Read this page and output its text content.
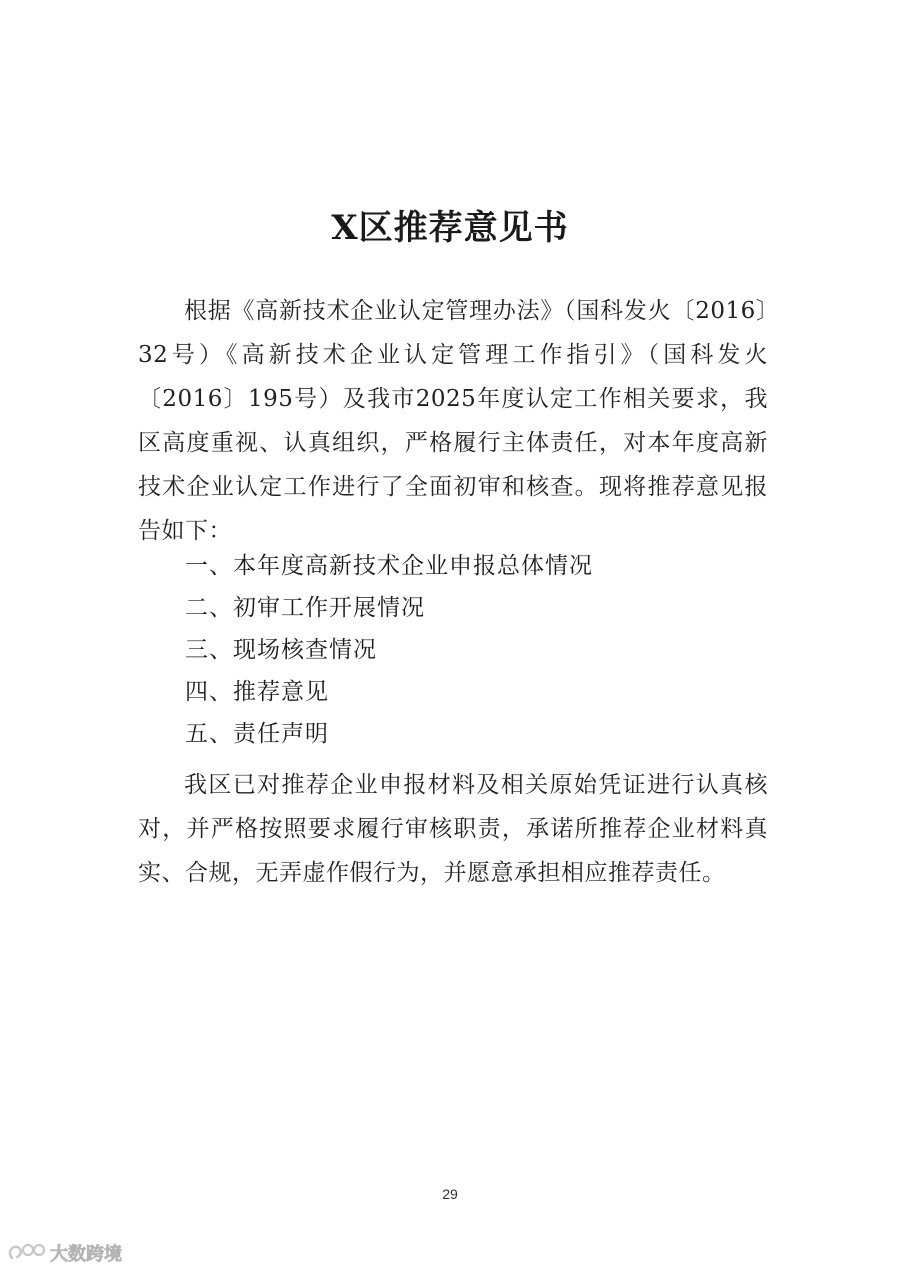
X区推荐意见书
根据《高新技术企业认定管理办法》（国科发火〔2016〕32号）《高新技术企业认定管理工作指引》（国科发火〔2016〕195号）及我市2025年度认定工作相关要求，我区高度重视、认真组织，严格履行主体责任，对本年度高新技术企业认定工作进行了全面初审和核查。现将推荐意见报告如下：
一、本年度高新技术企业申报总体情况
二、初审工作开展情况
三、现场核查情况
四、推荐意见
五、责任声明
我区已对推荐企业申报材料及相关原始凭证进行认真核对，并严格按照要求履行审核职责，承诺所推荐企业材料真实、合规，无弄虚作假行为，并愿意承担相应推荐责任。
29
大数跨境
